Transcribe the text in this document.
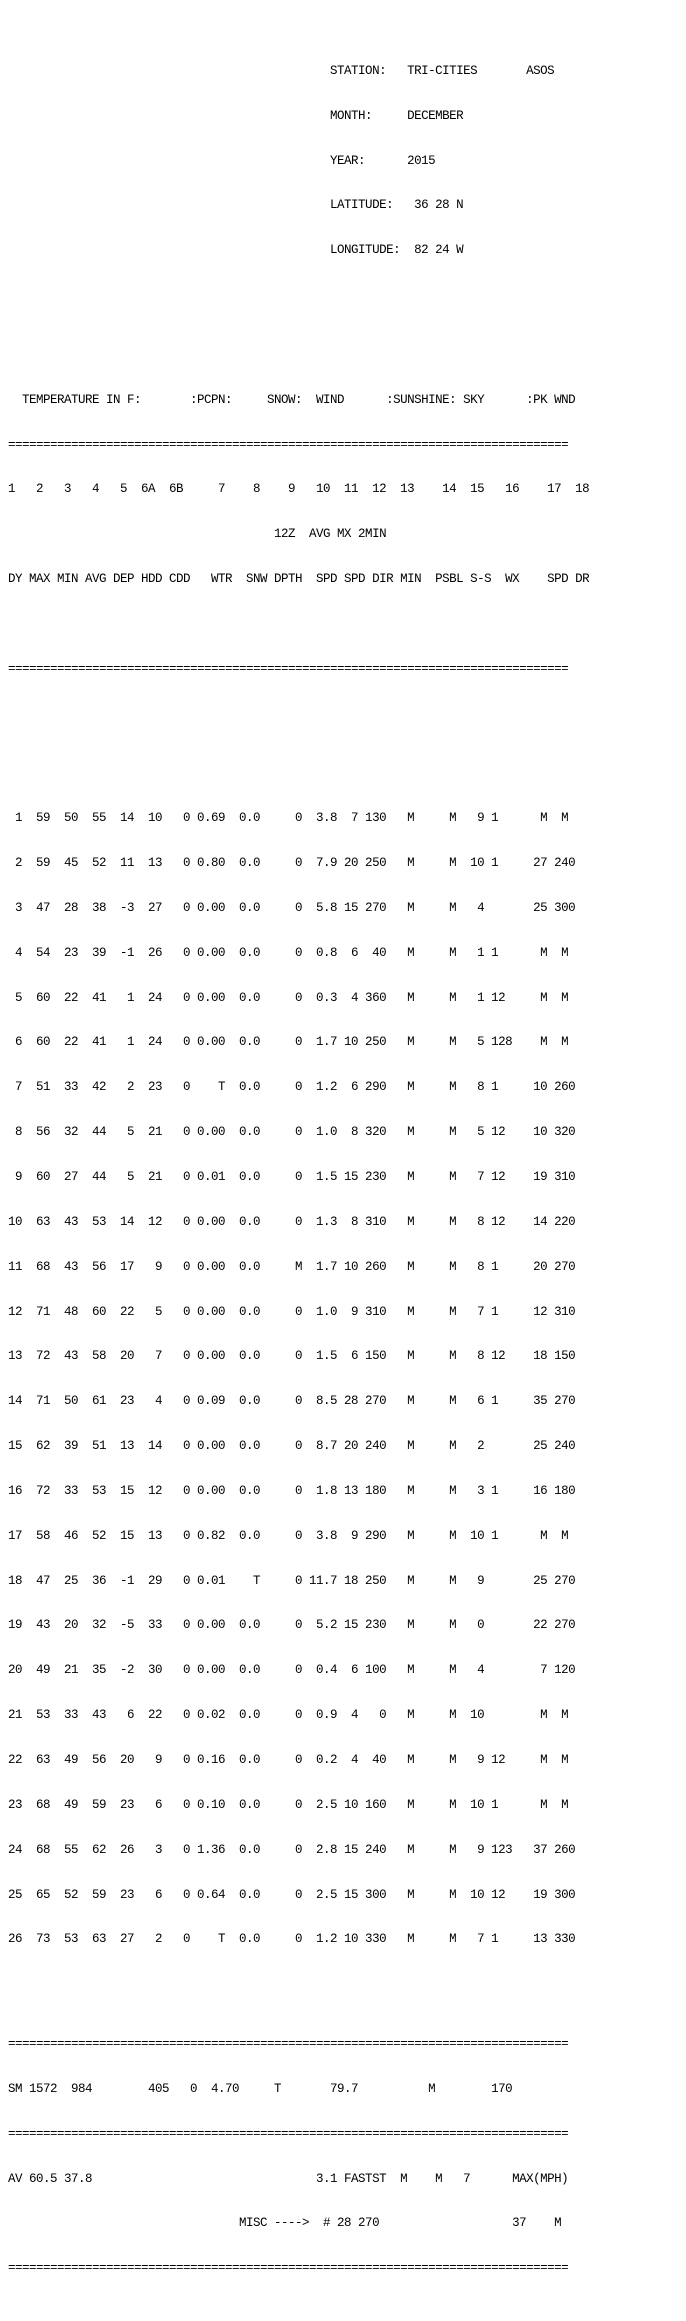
STATION:   TRI-CITIES       ASOS

MONTH:     DECEMBER

YEAR:      2015

LATITUDE:   36 28 N

LONGITUDE:  82 24 W

TEMPERATURE IN F:       :PCPN:     SNOW:  WIND      :SUNSHINE: SKY      :PK WND

================================================================================

1   2   3   4   5  6A  6B     7    8    9   10  11  12  13    14  15   16    17  18

12Z  AVG MX 2MIN

DY MAX MIN AVG DEP HDD CDD   WTR  SNW DPTH  SPD SPD DIR MIN  PSBL S-S  WX    SPD DR

================================================================================

1  59  50  55  14  10   0 0.69  0.0     0  3.8  7 130   M     M   9 1      M  M

2  59  45  52  11  13   0 0.80  0.0     0  7.9 20 250   M     M  10 1     27 240

3  47  28  38  -3  27   0 0.00  0.0     0  5.8 15 270   M     M   4       25 300

4  54  23  39  -1  26   0 0.00  0.0     0  0.8  6  40   M     M   1 1      M  M

5  60  22  41   1  24   0 0.00  0.0     0  0.3  4 360   M     M   1 12     M  M

6  60  22  41   1  24   0 0.00  0.0     0  1.7 10 250   M     M   5 128    M  M

7  51  33  42   2  23   0    T  0.0     0  1.2  6 290   M     M   8 1     10 260

8  56  32  44   5  21   0 0.00  0.0     0  1.0  8 320   M     M   5 12    10 320

9  60  27  44   5  21   0 0.01  0.0     0  1.5 15 230   M     M   7 12    19 310

10  63  43  53  14  12   0 0.00  0.0     0  1.3  8 310   M     M   8 12    14 220

11  68  43  56  17   9   0 0.00  0.0     M  1.7 10 260   M     M   8 1     20 270

12  71  48  60  22   5   0 0.00  0.0     0  1.0  9 310   M     M   7 1     12 310

13  72  43  58  20   7   0 0.00  0.0     0  1.5  6 150   M     M   8 12    18 150

14  71  50  61  23   4   0 0.09  0.0     0  8.5 28 270   M     M   6 1     35 270

15  62  39  51  13  14   0 0.00  0.0     0  8.7 20 240   M     M   2       25 240

16  72  33  53  15  12   0 0.00  0.0     0  1.8 13 180   M     M   3 1     16 180

17  58  46  52  15  13   0 0.82  0.0     0  3.8  9 290   M     M  10 1      M  M

18  47  25  36  -1  29   0 0.01    T     0 11.7 18 250   M     M   9       25 270

19  43  20  32  -5  33   0 0.00  0.0     0  5.2 15 230   M     M   0       22 270

20  49  21  35  -2  30   0 0.00  0.0     0  0.4  6 100   M     M   4        7 120

21  53  33  43   6  22   0 0.02  0.0     0  0.9  4   0   M     M  10        M  M

22  63  49  56  20   9   0 0.16  0.0     0  0.2  4  40   M     M   9 12     M  M

23  68  49  59  23   6   0 0.10  0.0     0  2.5 10 160   M     M  10 1      M  M

24  68  55  62  26   3   0 1.36  0.0     0  2.8 15 240   M     M   9 123   37 260

25  65  52  59  23   6   0 0.64  0.0     0  2.5 15 300   M     M  10 12    19 300

26  73  53  63  27   2   0    T  0.0     0  1.2 10 330   M     M   7 1     13 330

================================================================================

SM 1572  984        405   0  4.70     T       79.7          M        170

================================================================================

AV 60.5 37.8                                3.1 FASTST  M    M   7      MAX(MPH)

MISC ---->  # 28 270                   37    M

================================================================================
